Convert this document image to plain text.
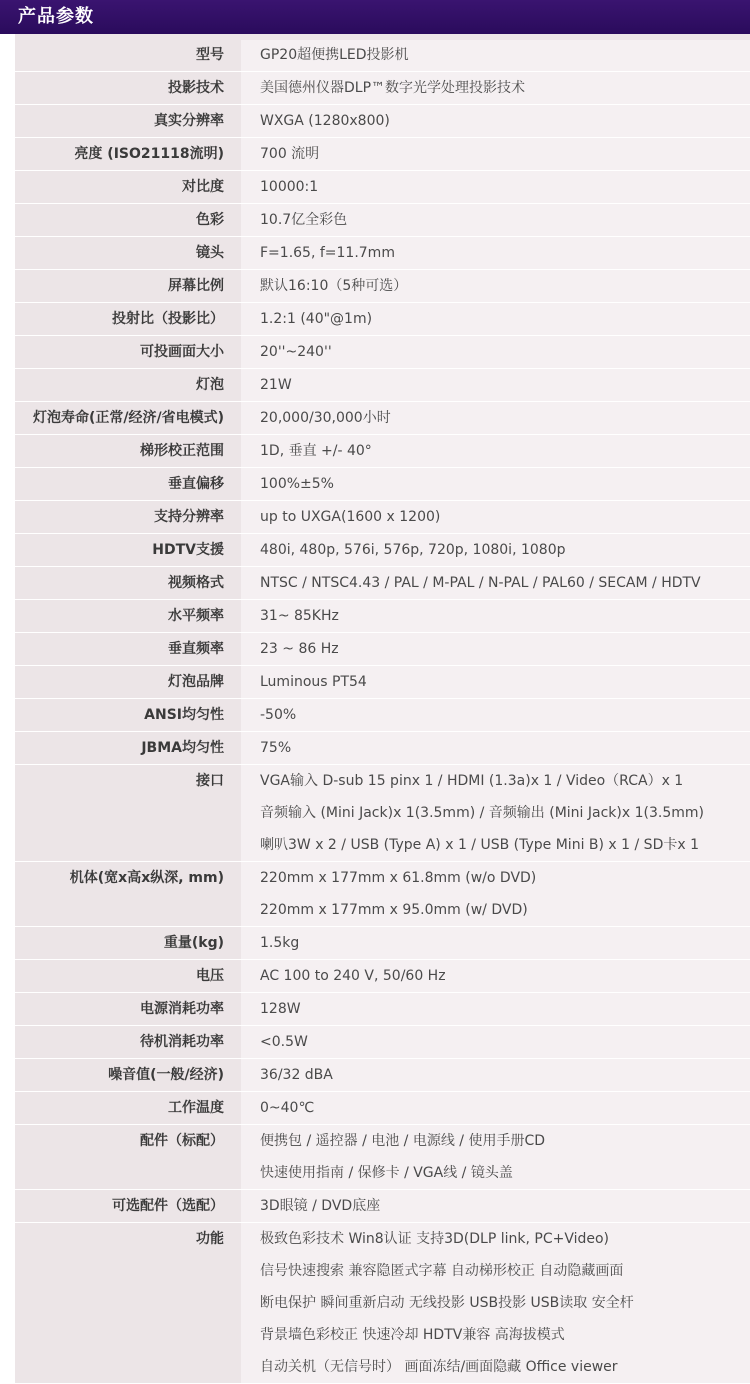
产品参数
型号	GP20超便携LED投影机
投影技术	美国德州仪器DLP™数字光学处理投影技术
真实分辨率	WXGA (1280x800)
亮度 (ISO21118流明)	700 流明
对比度	10000:1
色彩	10.7亿全彩色
镜头	F=1.65, f=11.7mm
屏幕比例	默认16:10（5种可选）
投射比（投影比）	1.2:1 (40"@1m)
可投画面大小	20''~240''
灯泡	21W
灯泡寿命(正常/经济/省电模式)	20,000/30,000小时
梯形校正范围	1D, 垂直 +/- 40°
垂直偏移	100%±5%
支持分辨率	up to UXGA(1600 x 1200)
HDTV支援	480i, 480p, 576i, 576p, 720p, 1080i, 1080p
视频格式	NTSC / NTSC4.43 / PAL / M-PAL / N-PAL / PAL60 / SECAM / HDTV
水平频率	31~ 85KHz
垂直频率	23 ~ 86 Hz
灯泡品牌	Luminous PT54
ANSI均匀性	-50%
JBMA均匀性	75%
接口	VGA输入 D-sub 15 pinx 1 / HDMI (1.3a)x 1 / Video（RCA）x 1
音频输入 (Mini Jack)x 1(3.5mm) / 音频输出 (Mini Jack)x 1(3.5mm)
喇叭3W x 2 / USB (Type A) x 1 / USB (Type Mini B) x 1 / SD卡x 1
机体(宽x高x纵深, mm)	220mm x 177mm x 61.8mm (w/o DVD)
220mm x 177mm x 95.0mm (w/ DVD)
重量(kg)	1.5kg
电压	AC 100 to 240 V, 50/60 Hz
电源消耗功率	128W
待机消耗功率	<0.5W
噪音值(一般/经济)	36/32 dBA
工作温度	0~40℃
配件（标配）	便携包 / 遥控器 / 电池 / 电源线 / 使用手册CD
快速使用指南 / 保修卡 / VGA线 / 镜头盖
可选配件（选配）	3D眼镜 / DVD底座
功能	极致色彩技术 Win8认证 支持3D(DLP link, PC+Video)
信号快速搜索 兼容隐匿式字幕 自动梯形校正 自动隐藏画面
断电保护 瞬间重新启动 无线投影 USB投影 USB读取 安全杆
背景墙色彩校正 快速冷却 HDTV兼容 高海拔模式
自动关机（无信号时） 画面冻结/画面隐藏 Office viewer
